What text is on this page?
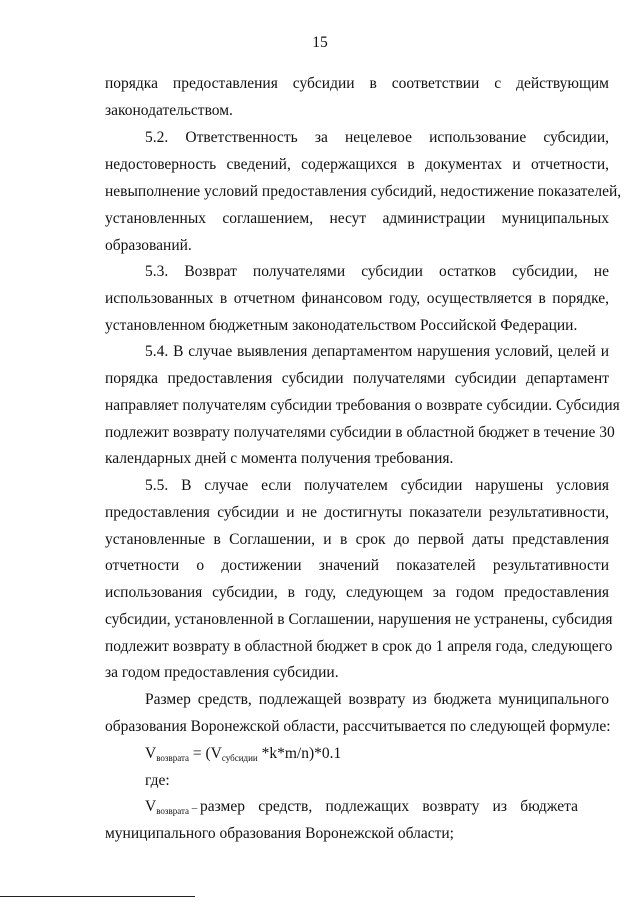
15
порядка предоставления субсидии в соответствии с действующим
законодательством.
5.2. Ответственность за нецелевое использование субсидии,
недостоверность сведений, содержащихся в документах и отчетности,
невыполнение условий предоставления субсидий, недостижение показателей,
установленных соглашением, несут администрации муниципальных
образований.
5.3. Возврат получателями субсидии остатков субсидии, не
использованных в отчетном финансовом году, осуществляется в порядке,
установленном бюджетным законодательством Российской Федерации.
5.4. В случае выявления департаментом нарушения условий, целей и
порядка предоставления субсидии получателями субсидии департамент
направляет получателям субсидии требования о возврате субсидии. Субсидия
подлежит возврату получателями субсидии в областной бюджет в течение 30
календарных дней с момента получения требования.
5.5. В случае если получателем субсидии нарушены условия
предоставления субсидии и не достигнуты показатели результативности,
установленные в Соглашении, и в срок до первой даты представления
отчетности о достижении значений показателей результативности
использования субсидии, в году, следующем за годом предоставления
субсидии, установленной в Соглашении, нарушения не устранены, субсидия
подлежит возврату в областной бюджет в срок до 1 апреля года, следующего
за годом предоставления субсидии.
Размер средств, подлежащей возврату из бюджета муниципального
образования Воронежской области, рассчитывается по следующей формуле:
$V_{возврата} = (V_{субсидии}$ *k*m/n)*0.1
где:
$V_{возврата}$ – размер средств, подлежащих возврату из бюджета
муниципального образования Воронежской области;
